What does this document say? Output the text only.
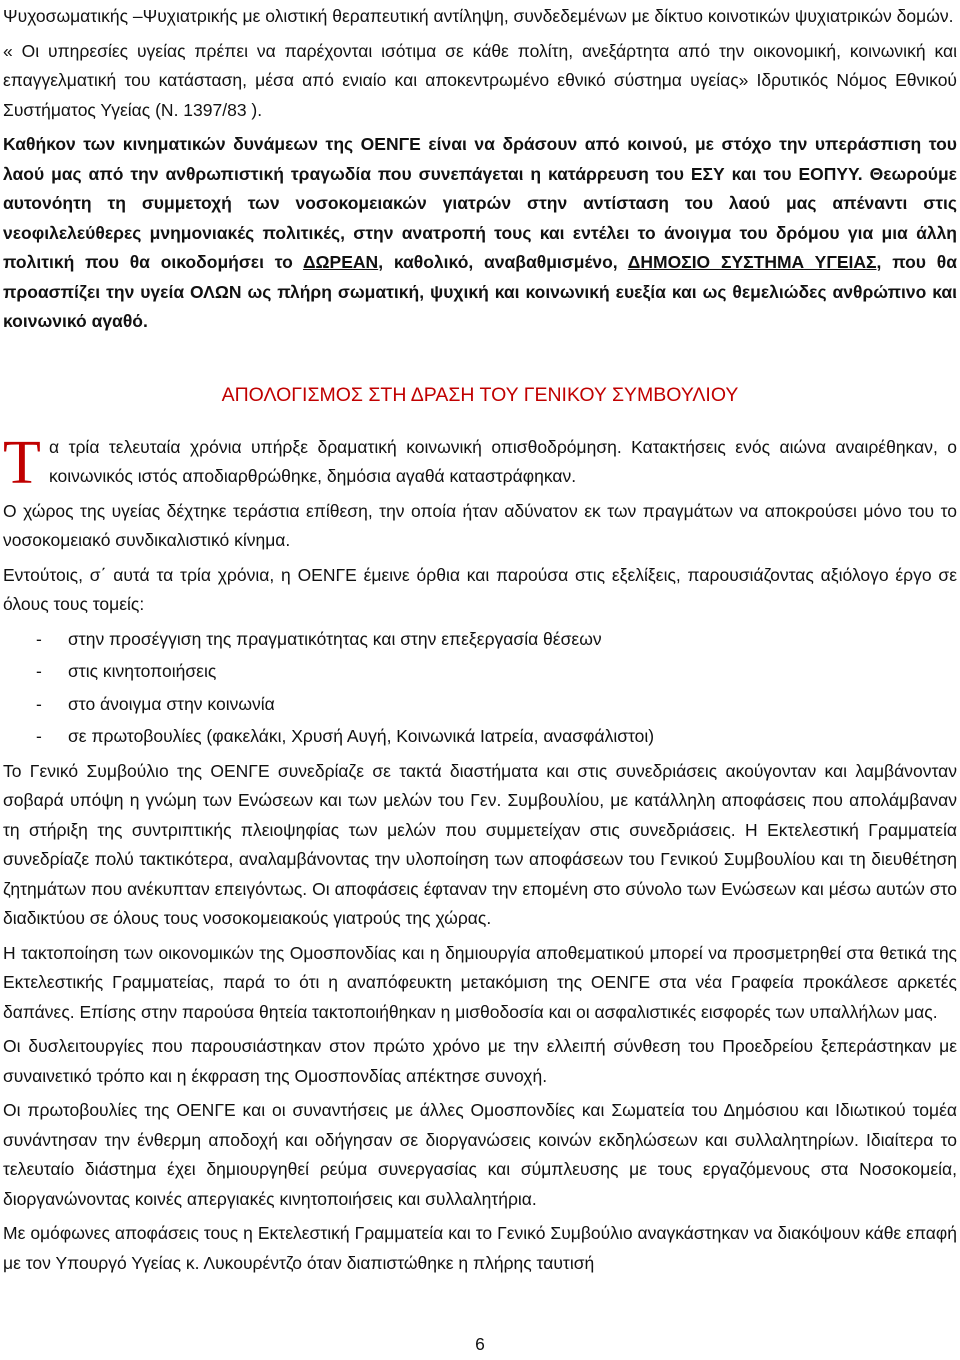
Ψυχοσωματικής –Ψυχιατρικής με ολιστική θεραπευτική αντίληψη, συνδεδεμένων με δίκτυο κοινοτικών ψυχιατρικών δομών.

« Οι υπηρεσίες υγείας πρέπει να παρέχονται ισότιμα σε κάθε πολίτη, ανεξάρτητα από την οικονομική, κοινωνική και επαγγελματική του κατάσταση, μέσα από ενιαίο και αποκεντρωμένο εθνικό σύστημα υγείας» Ιδρυτικός Νόμος Εθνικού Συστήματος Υγείας (Ν. 1397/83 ).

Καθήκον των κινηματικών δυνάμεων της ΟΕΝΓΕ είναι να δράσουν από κοινού, με στόχο την υπεράσπιση του λαού μας από την ανθρωπιστική τραγωδία που συνεπάγεται η κατάρρευση του ΕΣΥ και του ΕΟΠΥΥ. Θεωρούμε αυτονόητη τη συμμετοχή των νοσοκομειακών γιατρών στην αντίσταση του λαού μας απέναντι στις νεοφιλελεύθερες μνημονιακές πολιτικές, στην ανατροπή τους και εντέλει το άνοιγμα του δρόμου για μια άλλη πολιτική που θα οικοδομήσει το ΔΩΡΕΑΝ, καθολικό, αναβαθμισμένο, ΔΗΜΟΣΙΟ ΣΥΣΤΗΜΑ ΥΓΕΙΑΣ, που θα προασπίζει την υγεία ΟΛΩΝ ως πλήρη σωματική, ψυχική και κοινωνική ευεξία και ως θεμελιώδες ανθρώπινο και κοινωνικό αγαθό.

ΑΠΟΛΟΓΙΣΜΟΣ ΣΤΗ ΔΡΑΣΗ ΤΟΥ ΓΕΝΙΚΟΥ ΣΥΜΒΟΥΛΙΟΥ
Τ α τρία τελευταία χρόνια υπήρξε δραματική κοινωνική οπισθοδρόμηση. Κατακτήσεις ενός αιώνα αναιρέθηκαν, ο κοινωνικός ιστός αποδιαρθρώθηκε, δημόσια αγαθά καταστράφηκαν.

Ο χώρος της υγείας δέχτηκε τεράστια επίθεση, την οποία ήταν αδύνατον εκ των πραγμάτων να αποκρούσει μόνο του το νοσοκομειακό συνδικαλιστικό κίνημα.

Εντούτοις, σ΄ αυτά τα τρία χρόνια, η ΟΕΝΓΕ έμεινε όρθια και παρούσα στις εξελίξεις, παρουσιάζοντας αξιόλογο έργο σε όλους τους τομείς:

- στην προσέγγιση της πραγματικότητας και στην επεξεργασία θέσεων
- στις κινητοποιήσεις
- στο άνοιγμα στην κοινωνία
- σε πρωτοβουλίες (φακελάκι, Χρυσή Αυγή, Κοινωνικά Ιατρεία, ανασφάλιστοι)

Το Γενικό Συμβούλιο της ΟΕΝΓΕ συνεδρίαζε σε τακτά διαστήματα και στις συνεδριάσεις ακούγονταν και λαμβάνονταν σοβαρά υπόψη η γνώμη των Ενώσεων και των μελών του Γεν. Συμβουλίου, με κατάλληλη αποφάσεις που απολάμβαναν τη στήριξη της συντριπτικής πλειοψηφίας των μελών που συμμετείχαν στις συνεδριάσεις. Η Εκτελεστική Γραμματεία συνεδρίαζε πολύ τακτικότερα, αναλαμβάνοντας την υλοποίηση των αποφάσεων του Γενικού Συμβουλίου και τη διευθέτηση ζητημάτων που ανέκυπταν επειγόντως. Οι αποφάσεις έφταναν την επομένη στο σύνολο των Ενώσεων και μέσω αυτών στο διαδικτύου σε όλους τους νοσοκομειακούς γιατρούς της χώρας.

Η τακτοποίηση των οικονομικών της Ομοσπονδίας και η δημιουργία αποθεματικού μπορεί να προσμετρηθεί στα θετικά της Εκτελεστικής Γραμματείας, παρά το ότι η αναπόφευκτη μετακόμιση της ΟΕΝΓΕ στα νέα Γραφεία προκάλεσε αρκετές δαπάνες. Επίσης στην παρούσα θητεία τακτοποιήθηκαν η μισθοδοσία και οι ασφαλιστικές εισφορές των υπαλλήλων μας.

Οι δυσλειτουργίες που παρουσιάστηκαν στον πρώτο χρόνο με την ελλειπή σύνθεση του Προεδρείου ξεπεράστηκαν με συναινετικό τρόπο και η έκφραση της Ομοσπονδίας απέκτησε συνοχή.

Οι πρωτοβουλίες της ΟΕΝΓΕ και οι συναντήσεις με άλλες Ομοσπονδίες και Σωματεία του Δημόσιου και Ιδιωτικού τομέα συνάντησαν την ένθερμη αποδοχή και οδήγησαν σε διοργανώσεις κοινών εκδηλώσεων και συλλαλητηρίων. Ιδιαίτερα το τελευταίο διάστημα έχει δημιουργηθεί ρεύμα συνεργασίας και σύμπλευσης με τους εργαζόμενους στα Νοσοκομεία, διοργανώνοντας κοινές απεργιακές κινητοποιήσεις και συλλαλητήρια.

Με ομόφωνες αποφάσεις τους η Εκτελεστική Γραμματεία και το Γενικό Συμβούλιο αναγκάστηκαν να διακόψουν κάθε επαφή με τον Υπουργό Υγείας κ. Λυκουρέντζο όταν διαπιστώθηκε η πλήρης ταυτισή

6
